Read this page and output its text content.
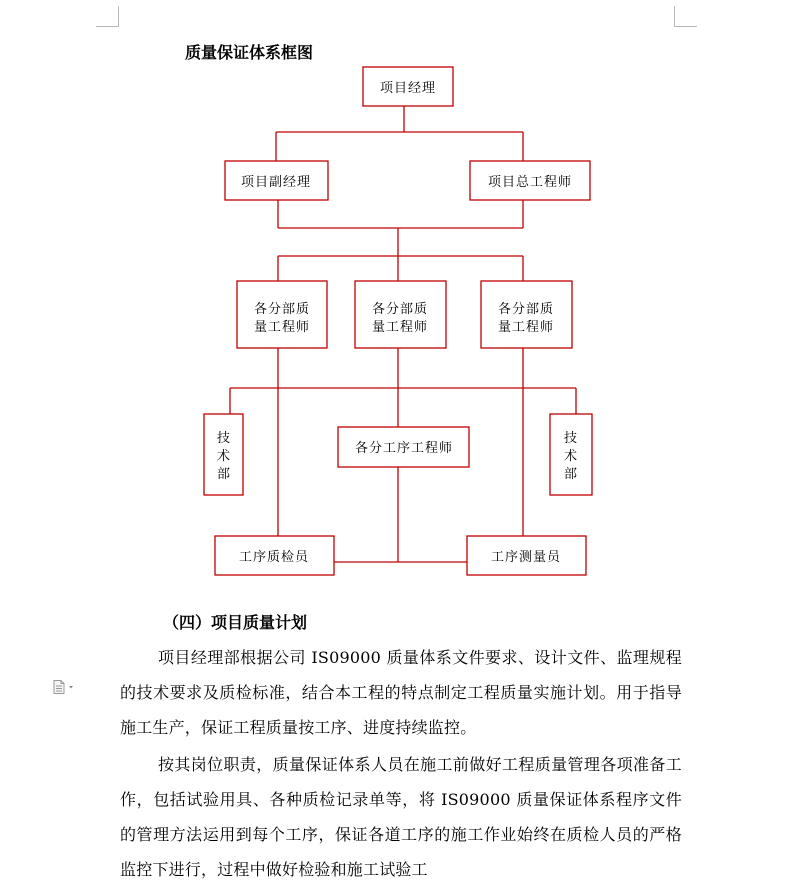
质量保证体系框图
项目经理
项目副经理	项目总工程师
各分部质
量工程师
各分部质
量工程师
各分部质
量工程师
技
术
部
各分工序工程师
技
术
部
工序质检员	工序测量员
（四）项目质量计划
项目经理部根据公司 IS09000 质量体系文件要求、设计文件、监理规程的技术要求及质检标准，结合本工程的特点制定工程质量实施计划。用于指导施工生产，保证工程质量按工序、进度持续监控。
按其岗位职责，质量保证体系人员在施工前做好工程质量管理各项准备工作，包括试验用具、各种质检记录单等，将 IS09000 质量保证体系程序文件的管理方法运用到每个工序，保证各道工序的施工作业始终在质检人员的严格监控下进行，过程中做好检验和施工试验工
